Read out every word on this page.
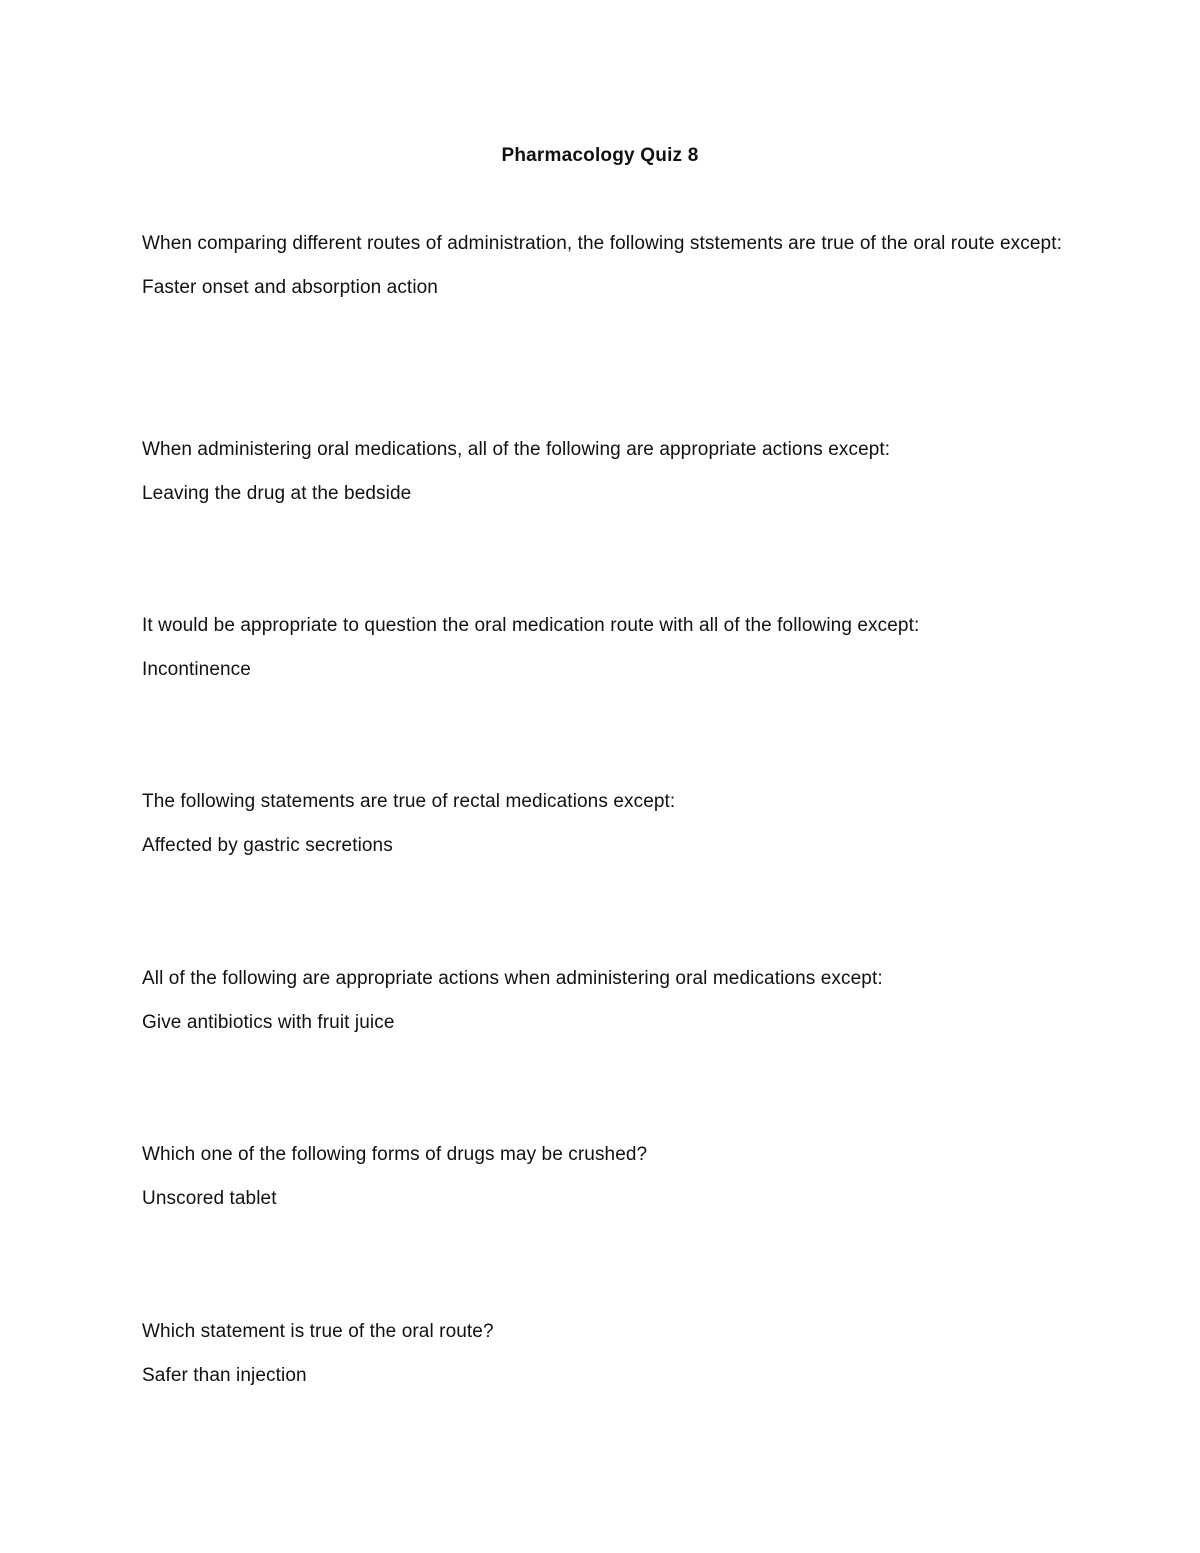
Pharmacology Quiz 8

When comparing different routes of administration, the following ststements are true of the oral route except:

Faster onset and absorption action

When administering oral medications, all of the following are appropriate actions except:

Leaving the drug at the bedside

It would be appropriate to question the oral medication route with all of the following except:

Incontinence

The following statements are true of rectal medications except:

Affected by gastric secretions

All of the following are appropriate actions when administering oral medications except:

Give antibiotics with fruit juice

Which one of the following forms of drugs may be crushed?

Unscored tablet

Which statement is true of the oral route?

Safer than injection
